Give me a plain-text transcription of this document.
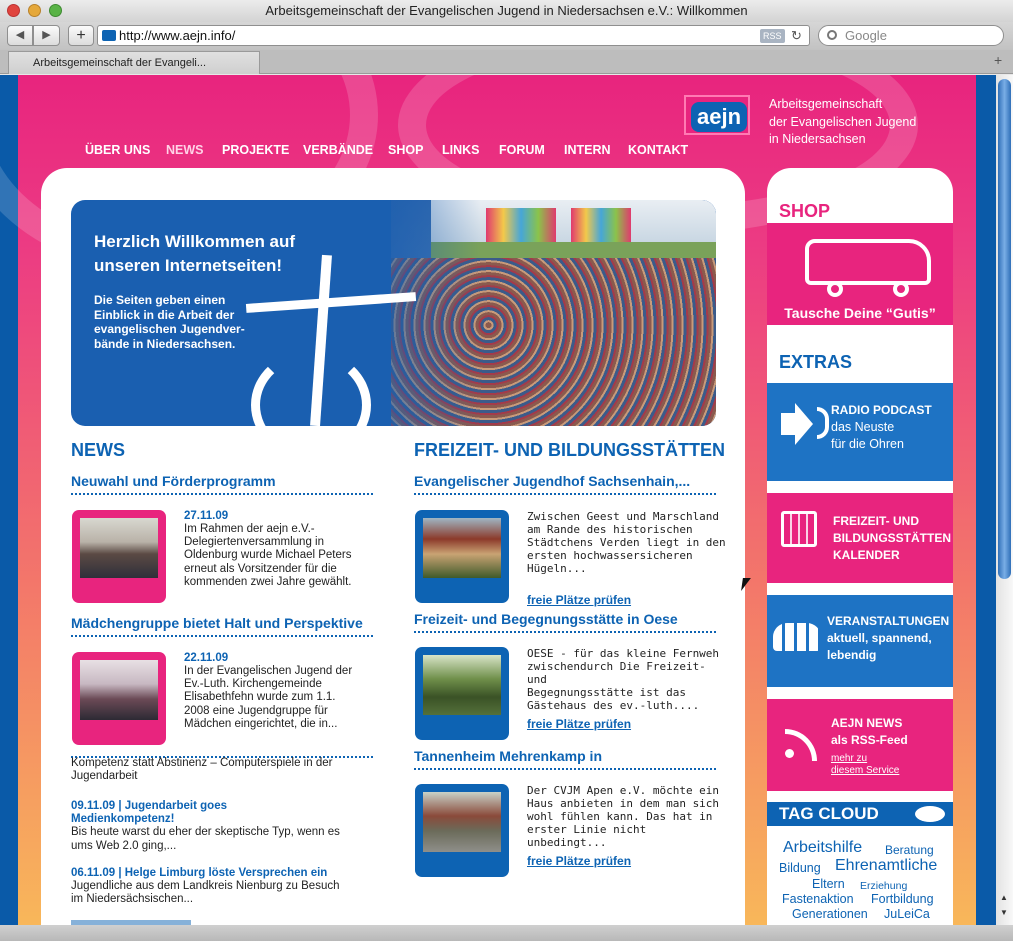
Arbeitsgemeinschaft der Evangelischen Jugend in Niedersachsen e.V.: Willkommen
◀	▶	+	http://www.aejn.info/	RSS ↻	Google
Arbeitsgemeinschaft der Evangeli...	+
ÜBER UNS NEWS PROJEKTE VERBÄNDE SHOP LINKS FORUM INTERN KONTAKT
aejn	Arbeitsgemeinschaft
der Evangelischen Jugend
in Niedersachsen
Herzlich Willkommen auf
unseren Internetseiten!

Die Seiten geben einen
Einblick in die Arbeit der
evangelischen Jugendver-
bände in Niedersachsen.

NEWS
Neuwahl und Förderprogramm
27.11.09
Im Rahmen der aejn e.V.-
Delegiertenversammlung in
Oldenburg wurde Michael Peters
erneut als Vorsitzender für die
kommenden zwei Jahre gewählt.
Mädchengruppe bietet Halt und Perspektive
22.11.09
In der Evangelischen Jugend der
Ev.-Luth. Kirchengemeinde
Elisabethfehn wurde zum 1.1.
2008 eine Jugendgruppe für
Mädchen eingerichtet, die in...
Kompetenz statt Abstinenz – Computerspiele in der
Jugendarbeit
09.11.09 | Jugendarbeit goes
Medienkompetenz!
Bis heute warst du eher der skeptische Typ, wenn es
ums Web 2.0 ging,...
06.11.09 | Helge Limburg löste Versprechen ein
Jugendliche aus dem Landkreis Nienburg zu Besuch
im Niedersächsischen...
FREIZEIT- UND BILDUNGSSTÄTTEN
Evangelischer Jugendhof Sachsenhain,...
Zwischen Geest und Marschland
am Rande des historischen
Städtchens Verden liegt in den
ersten hochwassersicheren
Hügeln...
freie Plätze prüfen
Freizeit- und Begegnungsstätte in Oese
OESE - für das kleine Fernweh
zwischendurch Die Freizeit- und
Begegnungsstätte ist das
Gästehaus des ev.-luth....
freie Plätze prüfen
Tannenheim Mehrenkamp in
Der CVJM Apen e.V. möchte ein
Haus anbieten in dem man sich
wohl fühlen kann. Das hat in
erster Linie nicht unbedingt...
freie Plätze prüfen
SHOP
Tausche Deine “Gutis”
EXTRAS
RADIO PODCAST
das Neuste
für die Ohren
FREIZEIT- UND
BILDUNGSSTÄTTEN
KALENDER
VERANSTALTUNGEN
aktuell, spannend,
lebendig
AEJN NEWS
als RSS-Feed
mehr zu
diesem Service
TAG CLOUD
Arbeitshilfe Beratung
Bildung Ehrenamtliche
Eltern Erziehung
Fastenaktion Fortbildung
Generationen JuLeiCa
▲
▼
